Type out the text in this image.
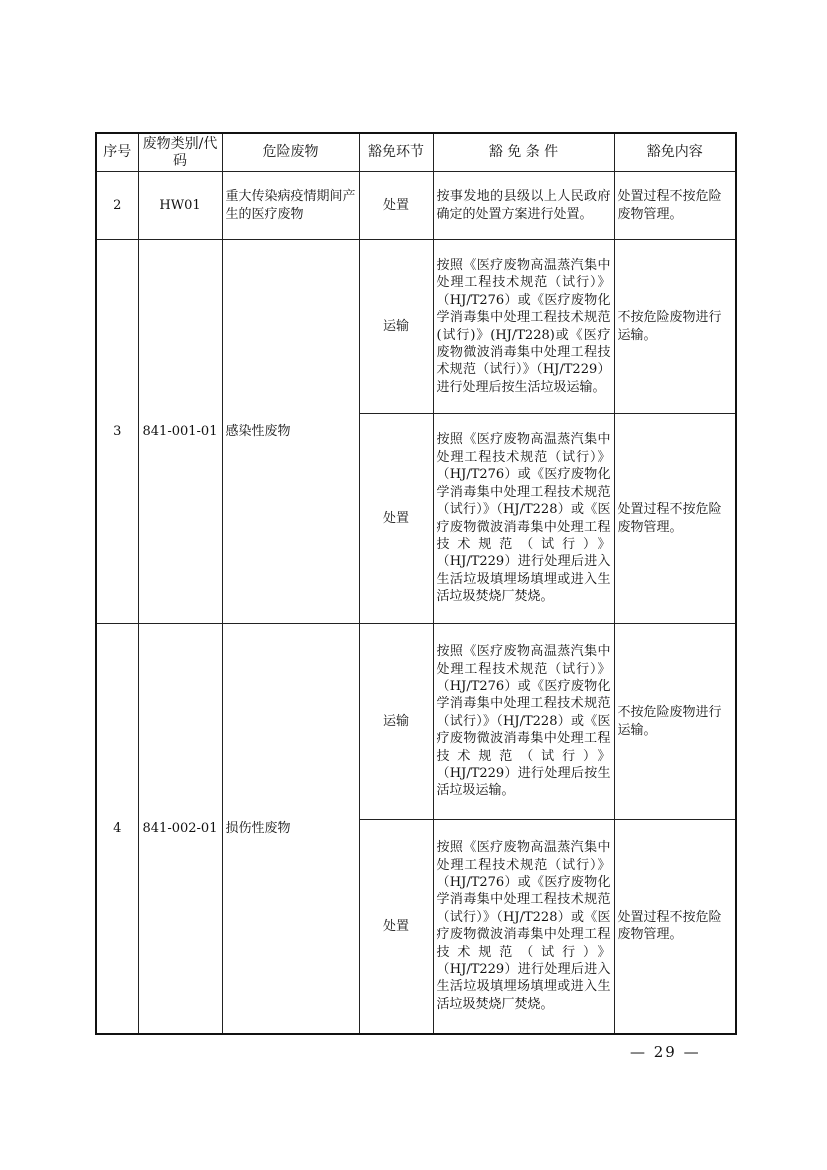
序号	废物类别/代码	危险废物	豁免环节	豁 免 条 件	豁免内容
2	HW01	重大传染病疫情期间产生的医疗废物	处置	按事发地的县级以上人民政府确定的处置方案进行处置。	处置过程不按危险废物管理。
3	841-001-01	感染性废物	运输	按照《医疗废物高温蒸汽集中处理工程技术规范（试行）》（HJ/T276）或《医疗废物化学消毒集中处理工程技术规范(试行)》(HJ/T228)或《医疗废物微波消毒集中处理工程技术规范（试行）》（HJ/T229）进行处理后按生活垃圾运输。	不按危险废物进行运输。
			处置	按照《医疗废物高温蒸汽集中处理工程技术规范（试行）》（HJ/T276）或《医疗废物化学消毒集中处理工程技术规范（试行）》（HJ/T228）或《医疗废物微波消毒集中处理工程技术规范（试行）》（HJ/T229）进行处理后进入生活垃圾填埋场填埋或进入生活垃圾焚烧厂焚烧。	处置过程不按危险废物管理。
4	841-002-01	损伤性废物	运输	按照《医疗废物高温蒸汽集中处理工程技术规范（试行）》（HJ/T276）或《医疗废物化学消毒集中处理工程技术规范（试行）》（HJ/T228）或《医疗废物微波消毒集中处理工程技术规范（试行）》（HJ/T229）进行处理后按生活垃圾运输。	不按危险废物进行运输。
			处置	按照《医疗废物高温蒸汽集中处理工程技术规范（试行）》（HJ/T276）或《医疗废物化学消毒集中处理工程技术规范（试行）》（HJ/T228）或《医疗废物微波消毒集中处理工程技术规范（试行）》（HJ/T229）进行处理后进入生活垃圾填埋场填埋或进入生活垃圾焚烧厂焚烧。	处置过程不按危险废物管理。
— 29 —
